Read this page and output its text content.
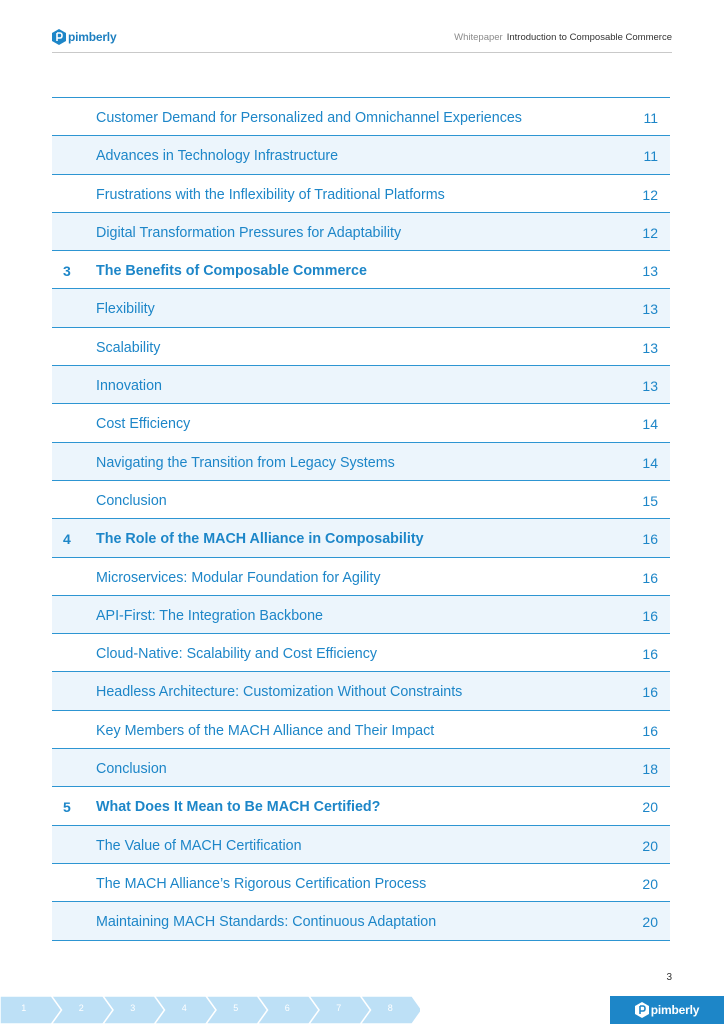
pimberly	Whitepaper Introduction to Composable Commerce
Customer Demand for Personalized and Omnichannel Experiences	11
Advances in Technology Infrastructure	11
Frustrations with the Inflexibility of Traditional Platforms	12
Digital Transformation Pressures for Adaptability	12
3 The Benefits of Composable Commerce	13
Flexibility	13
Scalability	13
Innovation	13
Cost Efficiency	14
Navigating the Transition from Legacy Systems	14
Conclusion	15
4 The Role of the MACH Alliance in Composability	16
Microservices: Modular Foundation for Agility	16
API-First: The Integration Backbone	16
Cloud-Native: Scalability and Cost Efficiency	16
Headless Architecture: Customization Without Constraints	16
Key Members of the MACH Alliance and Their Impact	16
Conclusion	18
5 What Does It Mean to Be MACH Certified?	20
The Value of MACH Certification	20
The MACH Alliance’s Rigorous Certification Process	20
Maintaining MACH Standards: Continuous Adaptation	20
3
1	2	3	4	5	6	7	8	pimberly
